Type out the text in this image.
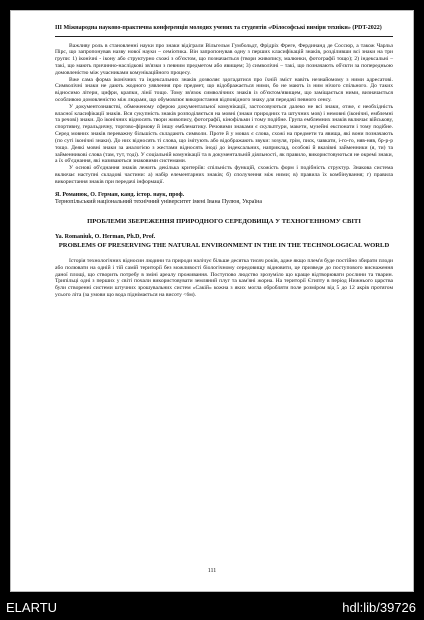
III Міжнародна науково-практична конференція молодих учених та студентів «Філософські виміри техніки» (PDT-2022)

Важливу роль в становленні науки про знаки відіграли Вільгельм Гумбольдт, Фрідріх Фреге, Фердинанд де Соссюр, а також Чарльз Пірс, що запропонував назву нової науки – семіотика. Він запропонував одну з перших класифікацій знаків, розділивши всі знаки на три групи: 1) іконічні - ікону або структурно схожі з об'єктом, що позначається (твори живопису, малюнки, фотографії тощо); 2) індексальні – такі, що мають причинно-наслідкові зв'язки з певним предметом або явищем; 3) символічні – такі, що позначають об'єкти за попередньою домовленістю між учасниками комунікаційного процесу.

Вже сама форма іконічних та індексальних знаків дозволяє здогадатися про їхній зміст навіть незнайомому з ними адресатові. Символічні знаки не дають жодного уявлення про предмет, що відображається ними, бо не мають із ним нічого спільного. До таких відносимо літери, цифри, крапки, лінії тощо. Тому зв'язок символічних знаків із об'єктом/явищем, що заміщається ними, визначається особливою домовленістю між людьми, що обумовлює використання відповідного знаку для передачі певного сенсу.

У документознавстві, обмеженому сферою документальної комунікації, застосовуються далеко не всі знаки, отже, є необхідність власної класифікації знаків. Вся сукупність знаків розподіляється на мовні (знаки природних та штучних мов) і немовні (іконічні, емблемні та речові) знаки. До іконічних відносять твори живопису, фотографії, кінофільми і тому подібне. Група емблемних знаків включає військову, спортивну, геральдичну, торгово-фірмову й іншу емблематику. Речовими знаками є скульптури, макети, музейні експонати і тому подібне. Серед мовних знаків переважну більшість складають символи. Проте й у мовах є слова, схожі на предмети та явища, які вони позначають (по суті іконічні знаки). До них відносять ті слова, що імітують або відображають звуки: зозуля, грім, писк, чавкати, і-го-го, няв-няв, бр-р-р тощо. Деякі мовні знаки за аналогією з жестами відносять іноді до індексальних, наприклад, особові й вказівні займенники (я, ти) та займенникові слова (там, тут, тоді). У соціальній комунікації та в документальній діяльності, як правило, використовуються не окремі знаки, а їх об'єднання, які називаються знаковими системами.

У основі об'єднання знаків лежить декілька критеріїв: спільність функцій, схожість форм і подібність структур. Знакова система включає наступні складові частини: а) набір елементарних знаків; б) сполучення між ними; в) правила їх комбінування; г) правила використання знаків при передачі інформації.

Я. Романюк, О. Герман, канд. істор. наук, проф.
Тернопільський національний технічний університет імені Івана Пулюя, Україна
ПРОБЛЕМИ ЗБЕРЕЖЕННЯ ПРИРОДНОГО СЕРЕДОВИЩА У ТЕХНОГЕННОМУ СВІТІ
Ya. Romaniuk, O. Herman, Ph.D, Prof.
PROBLEMS OF PRESERVING THE NATURAL ENVIRONMENT IN THE IN THE TECHNOLOGICAL WORLD

Історія технологічних відносин людини та природи налічує більше десятка тисяч років, адже якщо плем'я буде постійно збирати плоди або полювати на одній і тій самій території без можливості біологічному середовищу відновити, це призведе до поступового виснаження даної площі, що створить потребу в зміні ареалу проживання. Поступово людство зрозуміло що краще відтворювати рослини та тварин. Трипільці одні з перших у світі почали використовувати земляний плуг та кам'яні жорна. На території Єгипту в період Нижнього царства були створенні системи штучних зрошувальних систем «Сакій» кожна з яких могла обробляти поле розміром від 5 до 12 акрів протягом усього літа (за умови що вода піднімається на висоту <6м).

111
ELARTU	hdl:lib/39726
